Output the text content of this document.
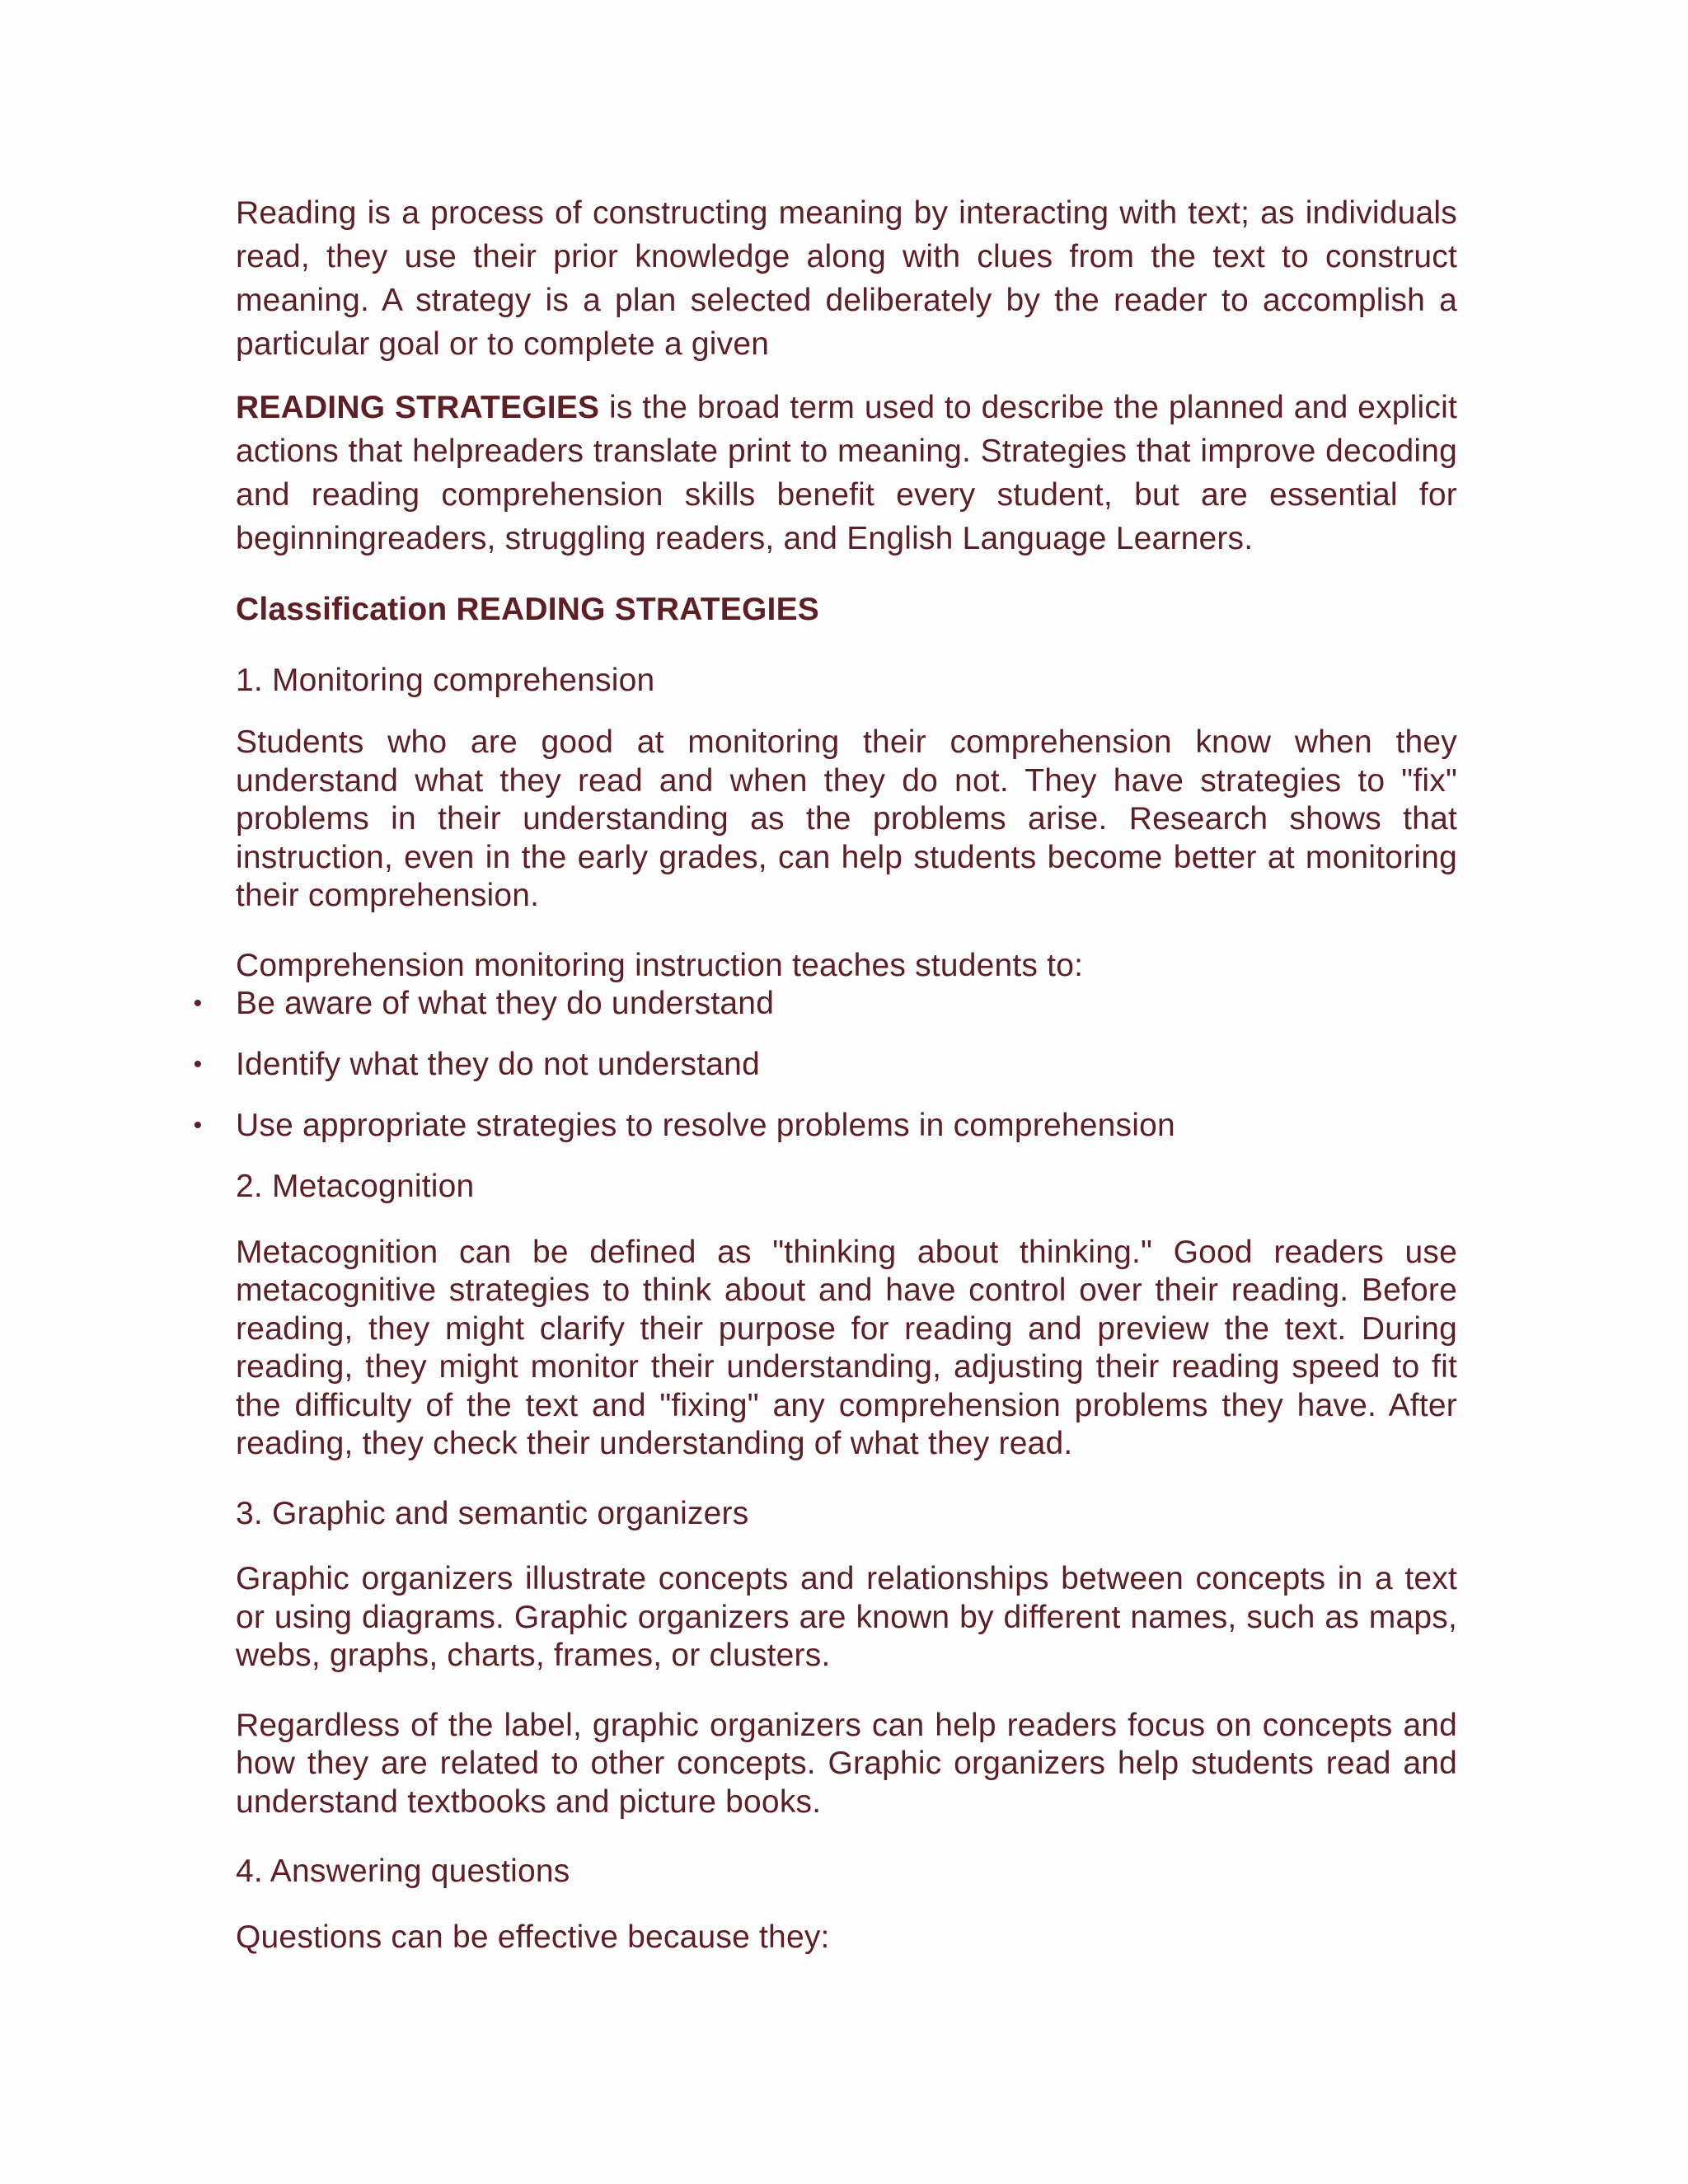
Reading is a process of constructing meaning by interacting with text; as individuals read, they use their prior knowledge along with clues from the text to construct meaning. A strategy is a plan selected deliberately by the reader to accomplish a particular goal or to complete a given

READING STRATEGIES is the broad term used to describe the planned and explicit actions that helpreaders translate print to meaning. Strategies that improve decoding and reading comprehension skills benefit every student, but are essential for beginningreaders, struggling readers, and English Language Learners.

Classification READING STRATEGIES

1. Monitoring comprehension

Students who are good at monitoring their comprehension know when they understand what they read and when they do not. They have strategies to "fix" problems in their understanding as the problems arise. Research shows that instruction, even in the early grades, can help students become better at monitoring their comprehension.

Comprehension monitoring instruction teaches students to:

• Be aware of what they do understand
• Identify what they do not understand
• Use appropriate strategies to resolve problems in comprehension

2. Metacognition

Metacognition can be defined as "thinking about thinking." Good readers use metacognitive strategies to think about and have control over their reading. Before reading, they might clarify their purpose for reading and preview the text. During reading, they might monitor their understanding, adjusting their reading speed to fit the difficulty of the text and "fixing" any comprehension problems they have. After reading, they check their understanding of what they read.

3. Graphic and semantic organizers

Graphic organizers illustrate concepts and relationships between concepts in a text or using diagrams. Graphic organizers are known by different names, such as maps, webs, graphs, charts, frames, or clusters.

Regardless of the label, graphic organizers can help readers focus on concepts and how they are related to other concepts. Graphic organizers help students read and understand textbooks and picture books.

4. Answering questions

Questions can be effective because they:
